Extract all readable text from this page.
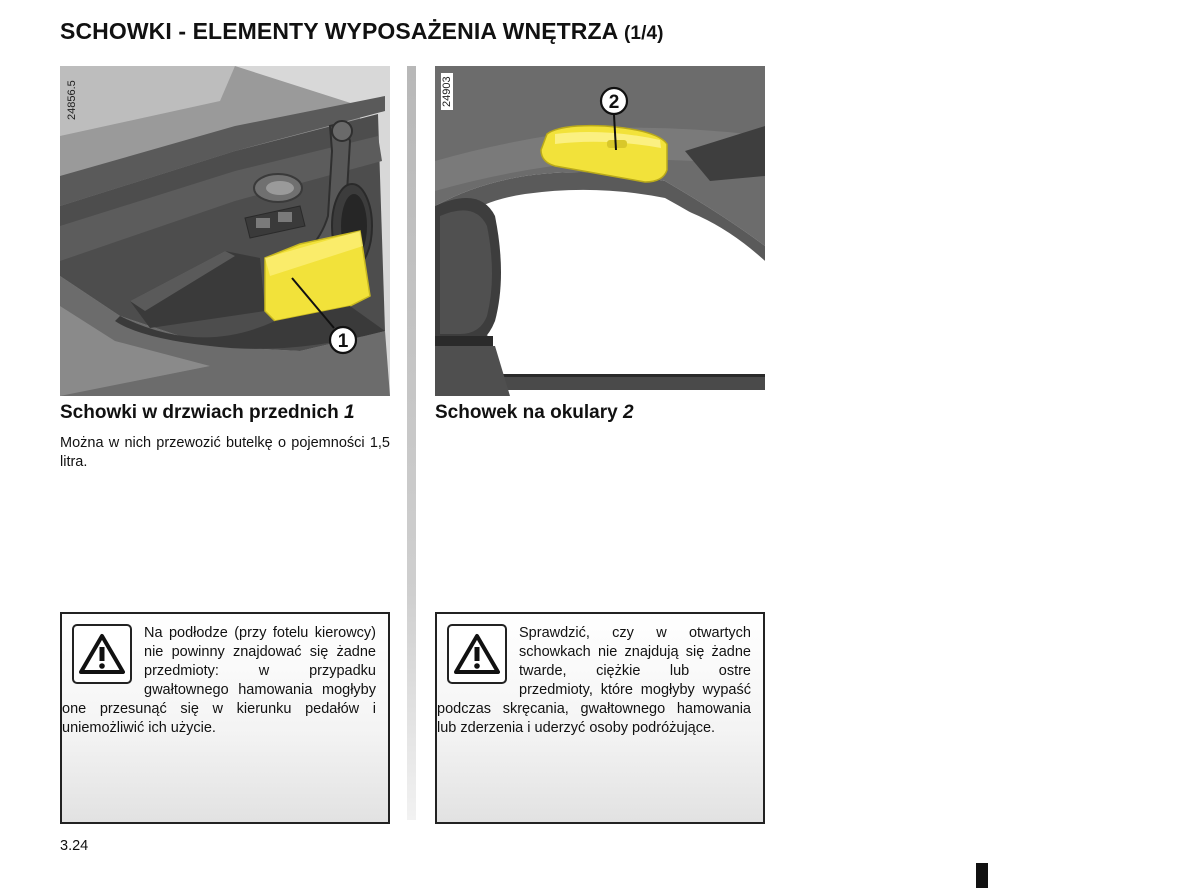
SCHOWKI - ELEMENTY WYPOSAŻENIA WNĘTRZA (1/4)
1
24856.5	2
24903
Schowki w drzwiach przednich 1	Schowek na okulary 2

Można w nich przewozić butelkę o pojemności 1,5 litra.

Na podłodze (przy fotelu kierowcy) nie powinny znajdować się żadne przedmioty: w przypadku gwałtownego hamowania mogłyby one przesunąć się w kierunku pedałów i uniemożliwić ich użycie.

Sprawdzić, czy w otwartych schowkach nie znajdują się żadne twarde, ciężkie lub ostre przedmioty, które mogłyby wypaść podczas skręcania, gwałtownego hamowania lub zderzenia i uderzyć osoby podróżujące.

3.24
